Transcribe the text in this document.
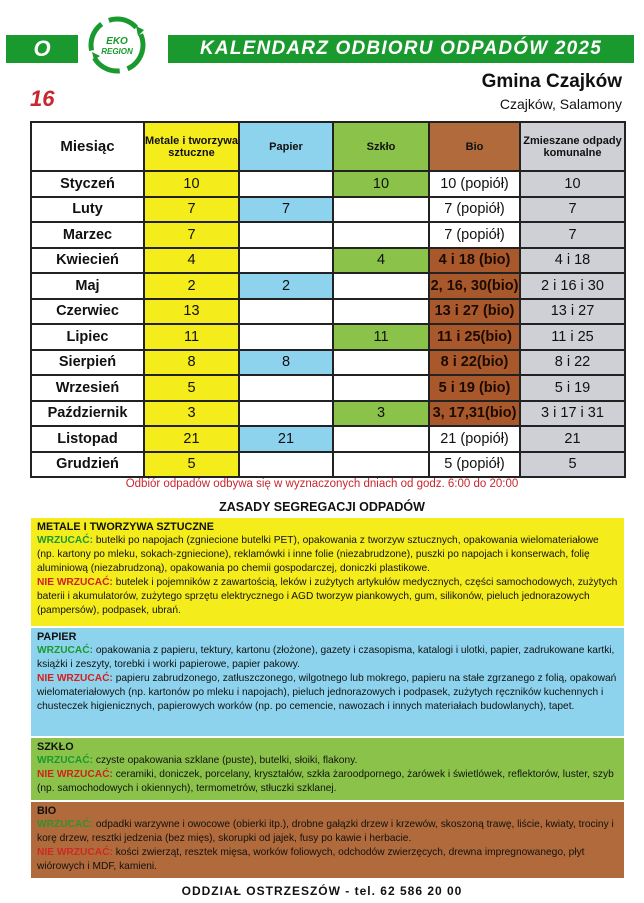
O	EKO
REGION	KALENDARZ ODBIORU ODPADÓW 2025
16
Gmina Czajków
Czajków, Salamony
Miesiąc	Metale i tworzywa sztuczne	Papier	Szkło	Bio	Zmieszane odpady komunalne
Styczeń	10		10	10 (popiół)	10
Luty	7	7		7 (popiół)	7
Marzec	7			7 (popiół)	7
Kwiecień	4		4	4 i 18 (bio)	4 i 18
Maj	2	2		2, 16, 30(bio)	2 i 16 i 30
Czerwiec	13			13 i 27 (bio)	13 i 27
Lipiec	11		11	11 i 25(bio)	11 i 25
Sierpień	8	8		8 i 22(bio)	8 i 22
Wrzesień	5			5 i 19 (bio)	5 i 19
Październik	3		3	3, 17,31(bio)	3 i 17 i 31
Listopad	21	21		21 (popiół)	21
Grudzień	5			5 (popiół)	5
Odbiór odpadów odbywa się w wyznaczonych dniach od godz. 6:00 do 20:00
ZASADY SEGREGACJI ODPADÓW
METALE I TWORZYWA SZTUCZNE
WRZUCAĆ: butelki po napojach (zgniecione butelki PET), opakowania z tworzyw sztucznych, opakowania wielomateriałowe (np. kartony po mleku, sokach-zgniecione), reklamówki i inne folie (niezabrudzone), puszki po napojach i konserwach, folię aluminiową (niezabrudzoną), opakowania po chemii gospodarczej, doniczki plastikowe.
NIE WRZUCAĆ: butelek i pojemników z zawartością, leków i zużytych artykułów medycznych, części samochodowych, zużytych baterii i akumulatorów, zużytego sprzętu elektrycznego i AGD tworzyw piankowych, gum, silikonów, pieluch jednorazowych (pampersów), podpasek, ubrań.
PAPIER
WRZUCAĆ: opakowania z papieru, tektury, kartonu (złożone), gazety i czasopisma, katalogi i ulotki, papier, zadrukowane kartki, książki i zeszyty, torebki i worki papierowe, papier pakowy.
NIE WRZUCAĆ: papieru zabrudzonego, zatłuszczonego, wilgotnego lub mokrego, papieru na stałe zgrzanego z folią, opakowań wielomateriałowych (np. kartonów po mleku i napojach), pieluch jednorazowych i podpasek, zużytych ręczników kuchennych i chusteczek higienicznych, papierowych worków (np. po cemencie, nawozach i innych materiałach budowlanych), tapet.
SZKŁO
WRZUCAĆ: czyste opakowania szklane (puste), butelki, słoiki, flakony.
NIE WRZUCAĆ: ceramiki, doniczek, porcelany, kryształów, szkła żaroodpornego, żarówek i świetlówek, reflektorów, luster, szyb (np. samochodowych i okiennych), termometrów, stłuczki szklanej.
BIO
WRZUCAĆ: odpadki warzywne i owocowe (obierki itp.), drobne gałązki drzew i krzewów, skoszoną trawę, liście, kwiaty, trociny i korę drzew, resztki jedzenia (bez mięs), skorupki od jajek, fusy po kawie i herbacie.
NIE WRZUCAĆ: kości zwierząt, resztek mięsa, worków foliowych, odchodów zwierzęcych, drewna impregnowanego, płyt wiórowych i MDF, kamieni.
ODDZIAŁ OSTRZESZÓW - tel. 62 586 20 00
